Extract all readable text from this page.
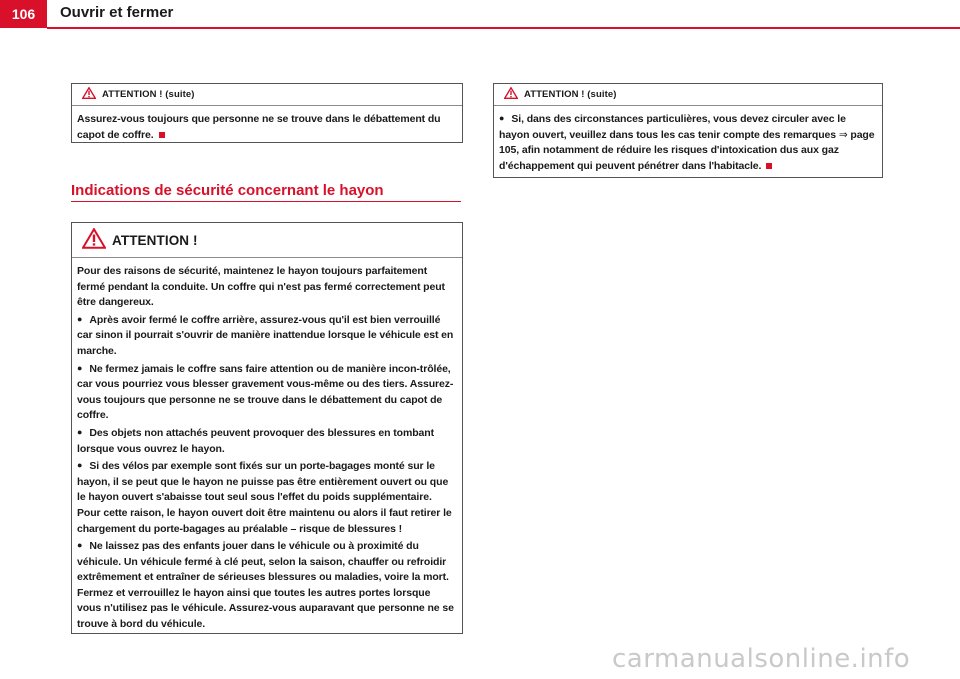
106	Ouvrir et fermer
ATTENTION ! (suite)

Assurez-vous toujours que personne ne se trouve dans le débattement du capot de coffre.

Indications de sécurité concernant le hayon
ATTENTION !

Pour des raisons de sécurité, maintenez le hayon toujours parfaitement fermé pendant la conduite. Un coffre qui n'est pas fermé correctement peut être dangereux.

● Après avoir fermé le coffre arrière, assurez-vous qu'il est bien verrouillé car sinon il pourrait s'ouvrir de manière inattendue lorsque le véhicule est en marche.

● Ne fermez jamais le coffre sans faire attention ou de manière incon-trôlée, car vous pourriez vous blesser gravement vous-même ou des tiers. Assurez-vous toujours que personne ne se trouve dans le débattement du capot de coffre.

● Des objets non attachés peuvent provoquer des blessures en tombant lorsque vous ouvrez le hayon.

● Si des vélos par exemple sont fixés sur un porte-bagages monté sur le hayon, il se peut que le hayon ne puisse pas être entièrement ouvert ou que le hayon ouvert s'abaisse tout seul sous l'effet du poids supplémentaire. Pour cette raison, le hayon ouvert doit être maintenu ou alors il faut retirer le chargement du porte-bagages au préalable – risque de blessures !

● Ne laissez pas des enfants jouer dans le véhicule ou à proximité du véhicule. Un véhicule fermé à clé peut, selon la saison, chauffer ou refroidir extrêmement et entraîner de sérieuses blessures ou maladies, voire la mort. Fermez et verrouillez le hayon ainsi que toutes les autres portes lorsque vous n'utilisez pas le véhicule. Assurez-vous auparavant que personne ne se trouve à bord du véhicule.

ATTENTION ! (suite)

● Si, dans des circonstances particulières, vous devez circuler avec le hayon ouvert, veuillez dans tous les cas tenir compte des remarques ⇒ page 105, afin notamment de réduire les risques d'intoxication dus aux gaz d'échappement qui peuvent pénétrer dans l'habitacle.

carmanualsonline.info
